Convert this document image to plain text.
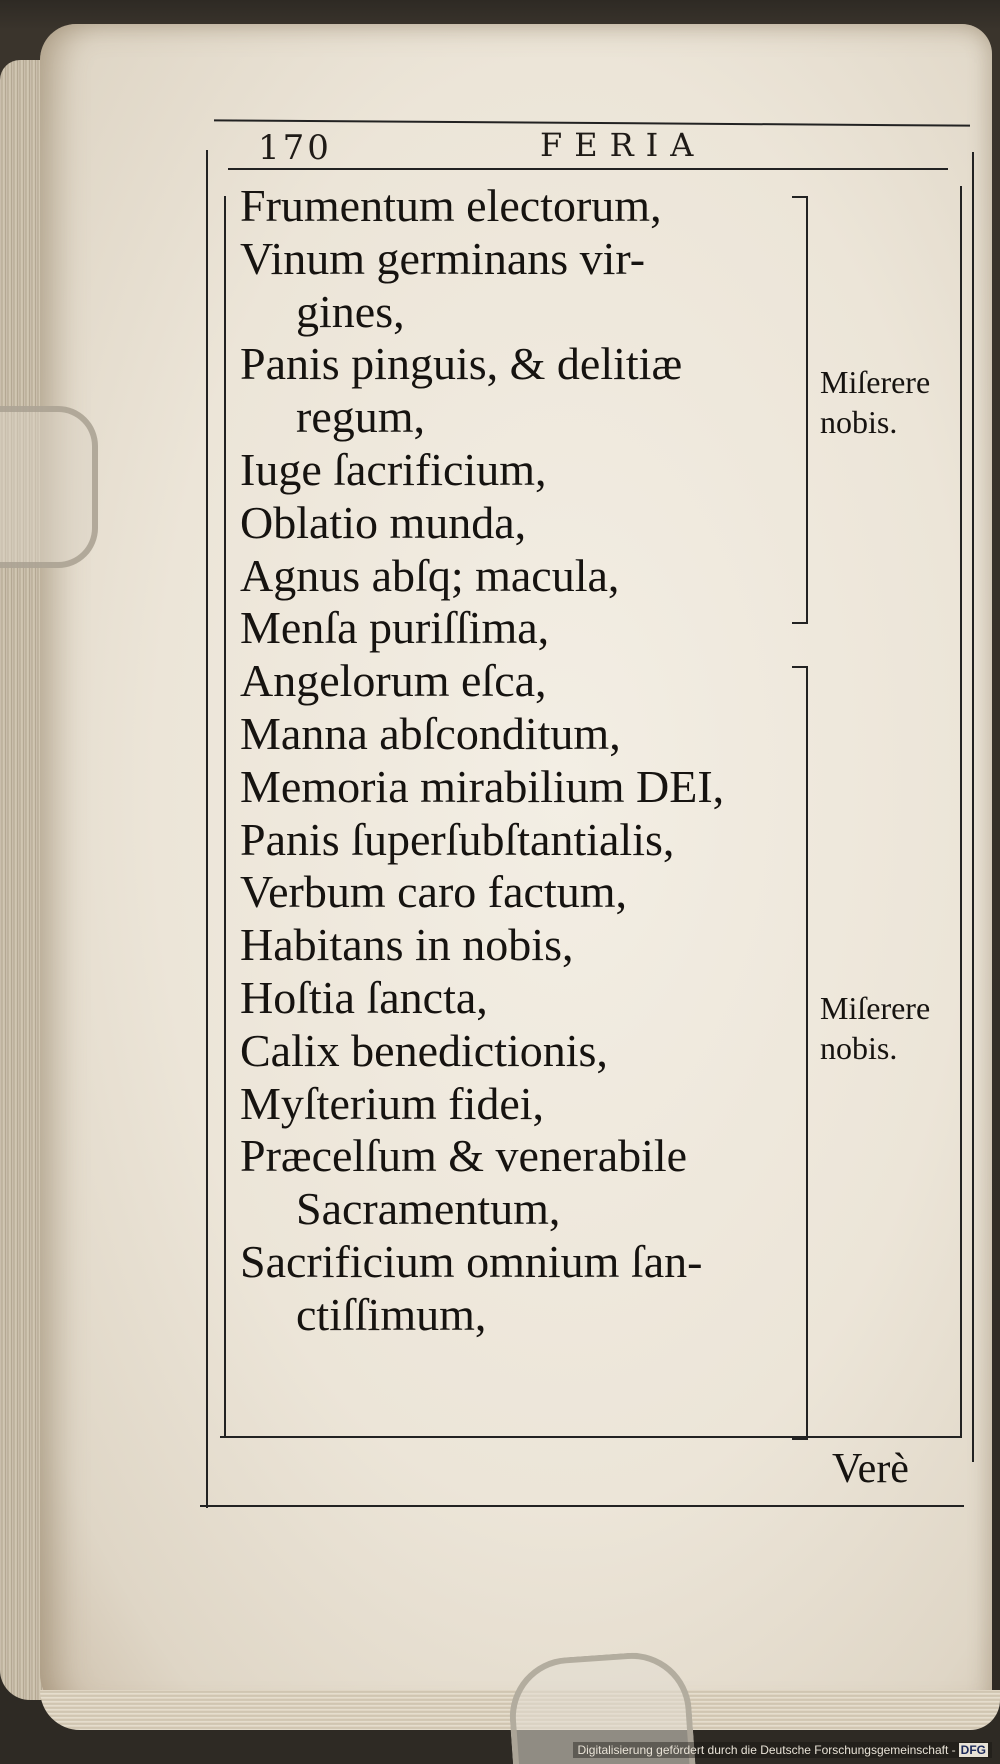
170	FERIA
Frumentum electorum,
Vinum germinans vir-
gines,
Panis pinguis, & delitiæ
regum,
Iuge ſacrificium,
Oblatio munda,
Agnus abſq; macula,
Menſa puriſſima,
Angelorum eſca,
Manna abſconditum,
Memoria mirabilium DEI,
Panis ſuperſubſtantialis,
Verbum caro factum,
Habitans in nobis,
Hoſtia ſancta,
Calix benedictionis,
Myſterium fidei,
Præcelſum & venerabile
Sacramentum,
Sacrificium omnium ſan-
ctiſſimum,
Miſerere
nobis.
Miſerere
nobis.
Verè
Digitalisierung gefördert durch die Deutsche Forschungsgemeinschaft - DFG
